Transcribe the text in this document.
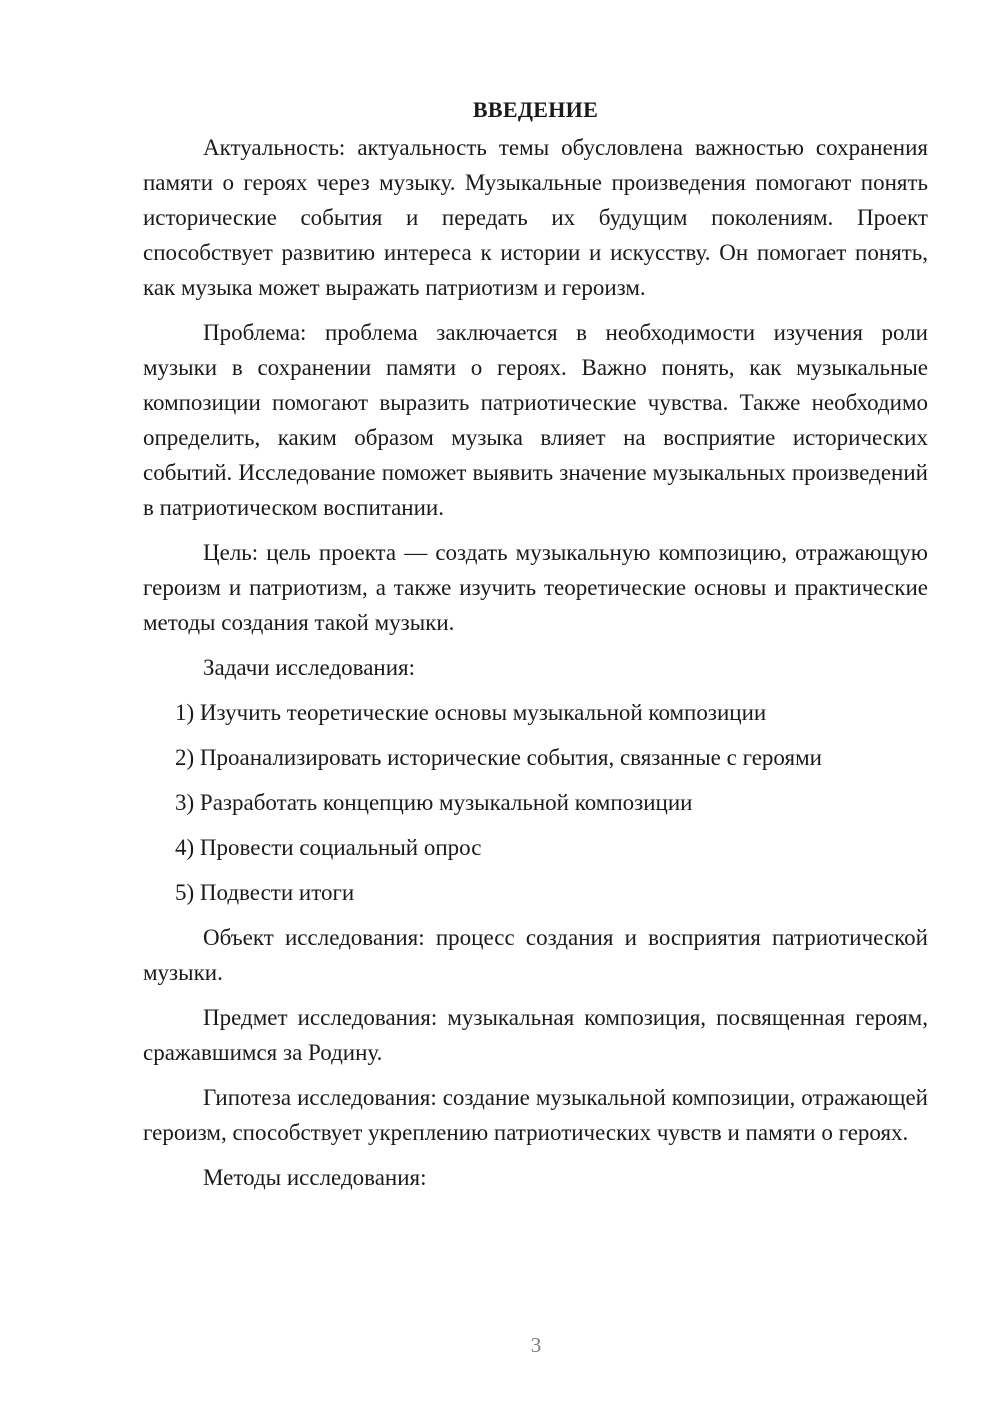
ВВЕДЕНИЕ

Актуальность: актуальность темы обусловлена важностью сохранения памяти о героях через музыку. Музыкальные произведения помогают понять исторические события и передать их будущим поколениям. Проект способствует развитию интереса к истории и искусству. Он помогает понять, как музыка может выражать патриотизм и героизм.

Проблема: проблема заключается в необходимости изучения роли музыки в сохранении памяти о героях. Важно понять, как музыкальные композиции помогают выразить патриотические чувства. Также необходимо определить, каким образом музыка влияет на восприятие исторических событий. Исследование поможет выявить значение музыкальных произведений в патриотическом воспитании.

Цель: цель проекта — создать музыкальную композицию, отражающую героизм и патриотизм, а также изучить теоретические основы и практические методы создания такой музыки.

Задачи исследования:

1) Изучить теоретические основы музыкальной композиции
2) Проанализировать исторические события, связанные с героями
3) Разработать концепцию музыкальной композиции
4) Провести социальный опрос
5) Подвести итоги

Объект исследования: процесс создания и восприятия патриотической музыки.

Предмет исследования: музыкальная композиция, посвященная героям, сражавшимся за Родину.

Гипотеза исследования: создание музыкальной композиции, отражающей героизм, способствует укреплению патриотических чувств и памяти о героях.

Методы исследования:

3
